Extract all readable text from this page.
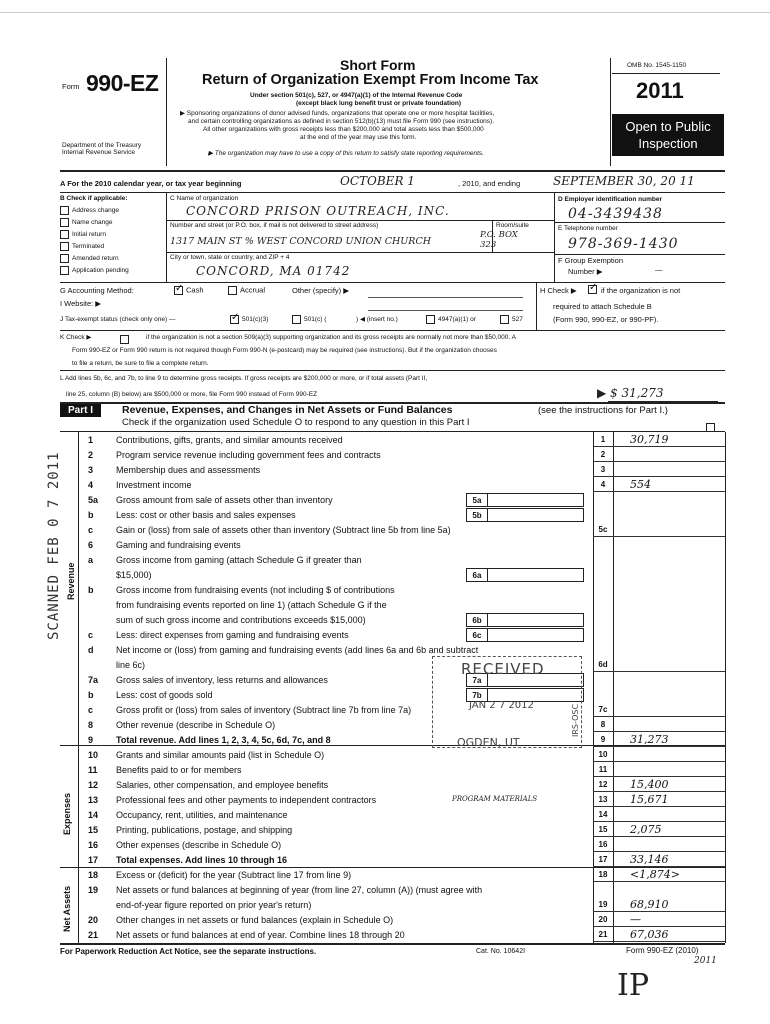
Form 990-EZ
Department of the Treasury
Internal Revenue Service
Short Form
Return of Organization Exempt From Income Tax
Under section 501(c), 527, or 4947(a)(1) of the Internal Revenue Code
(except black lung benefit trust or private foundation)
▶ Sponsoring organizations of donor advised funds, organizations that operate one or more hospital facilities,
and certain controlling organizations as defined in section 512(b)(13) must file Form 990 (see instructions).
All other organizations with gross receipts less than $200,000 and total assets less than $500,000
at the end of the year may use this form.
▶ The organization may have to use a copy of this return to satisfy state reporting requirements.
OMB No. 1545-1150
2011
Open to Public Inspection
A For the 2010 calendar year, or tax year beginning	OCTOBER 1	, 2010, and ending	SEPTEMBER 30, 20 11
B Check if applicable:
Address change
Name change
Initial return
Terminated
Amended return
Application pending
C Name of organization
CONCORD PRISON OUTREACH, INC.
Number and street (or P.O. box, if mail is not delivered to street address)	Room/suite
1317 MAIN ST % WEST CONCORD UNION CHURCH
P.O. BOX 323
City or town, state or country, and ZIP + 4
CONCORD, MA 01742
D Employer identification number
04-3439438
E Telephone number
978-369-1430
F Group Exemption
Number ▶	—
G Accounting Method:	✓ Cash	Accrual	Other (specify) ▶
I Website: ▶
H Check ▶ ✓ if the organization is not
required to attach Schedule B
(Form 990, 990-EZ, or 990-PF).
J Tax-exempt status (check only one) —	✓ 501(c)(3)	501(c) (	) ◀ (insert no.)	4947(a)(1) or	527
K Check ▶	if the organization is not a section 509(a)(3) supporting organization and its gross receipts are normally not more than $50,000. A
Form 990-EZ or Form 990 return is not required though Form 990-N (e-postcard) may be required (see instructions). But if the organization chooses
to file a return, be sure to file a complete return.
L Add lines 5b, 6c, and 7b, to line 9 to determine gross receipts. If gross receipts are $200,000 or more, or if total assets (Part II,
line 25, column (B) below) are $500,000 or more, file Form 990 instead of Form 990-EZ	▶ $ 31,273
Part I	Revenue, Expenses, and Changes in Net Assets or Fund Balances	(see the instructions for Part I.)
Check if the organization used Schedule O to respond to any question in this Part I
Revenue
Expenses
Net Assets
1	Contributions, gifts, grants, and similar amounts received	1	30,719
2	Program service revenue including government fees and contracts	2
3	Membership dues and assessments	3
4	Investment income	4	554
5a Gross amount from sale of assets other than inventory	5a
b	Less: cost or other basis and sales expenses	5b
c	Gain or (loss) from sale of assets other than inventory (Subtract line 5b from line 5a)	5c
6	Gaming and fundraising events
a	Gross income from gaming (attach Schedule G if greater than
$15,000)	6a
b	Gross income from fundraising events (not including $ of contributions
from fundraising events reported on line 1) (attach Schedule G if the
sum of such gross income and contributions exceeds $15,000)	6b
c	Less: direct expenses from gaming and fundraising events	6c
d	Net income or (loss) from gaming and fundraising events (add lines 6a and 6b and subtract
line 6c)	6d
7a Gross sales of inventory, less returns and allowances	7a
b	Less: cost of goods sold	7b
c	Gross profit or (loss) from sales of inventory (Subtract line 7b from line 7a)	7c
8	Other revenue (describe in Schedule O)	8
9	Total revenue. Add lines 1, 2, 3, 4, 5c, 6d, 7c, and 8	9	31,273
10 Grants and similar amounts paid (list in Schedule O)	10
11 Benefits paid to or for members	11
12 Salaries, other compensation, and employee benefits	12	15,400
13 Professional fees and other payments to independent contractors	13	15,671
PROGRAM MATERIALS
14 Occupancy, rent, utilities, and maintenance	14
15 Printing, publications, postage, and shipping	15	2,075
16 Other expenses (describe in Schedule O)	16
17 Total expenses. Add lines 10 through 16	17	33,146
18 Excess or (deficit) for the year (Subtract line 17 from line 9)	18	<1,874>
19 Net assets or fund balances at beginning of year (from line 27, column (A)) (must agree with
end-of-year figure reported on prior year's return)	19	68,910
20 Other changes in net assets or fund balances (explain in Schedule O)	20	—
21 Net assets or fund balances at end of year. Combine lines 18 through 20	21	67,036
For Paperwork Reduction Act Notice, see the separate instructions.	Cat. No. 10642I	Form 990-EZ (2010)
2011
IP
SCANNED FEB 0 7 2011
RECEIVED
JAN 2 7 2012
OGDEN, UT
IRS-OSC
